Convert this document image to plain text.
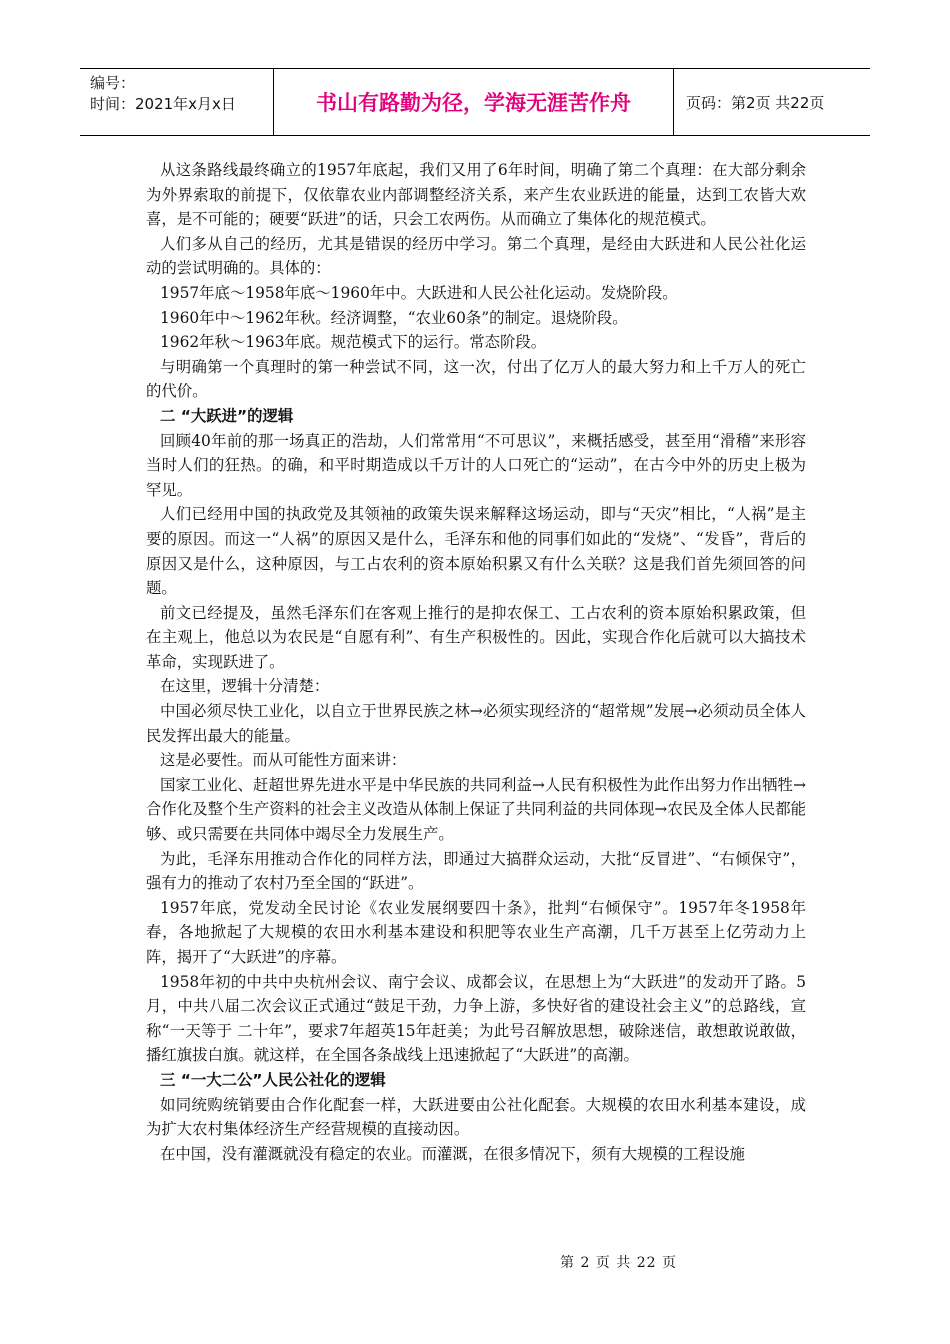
编号：
时间：2021年x月x日	书山有路勤为径，学海无涯苦作舟	页码：第2页 共22页

从这条路线最终确立的1957年底起，我们又用了6年时间，明确了第二个真理：在大部分剩余为外界索取的前提下，仅依靠农业内部调整经济关系，来产生农业跃进的能量，达到工农皆大欢喜，是不可能的；硬要“跃进”的话，只会工农两伤。从而确立了集体化的规范模式。

人们多从自己的经历，尤其是错误的经历中学习。第二个真理，是经由大跃进和人民公社化运动的尝试明确的。具体的：

1957年底～1958年底～1960年中。大跃进和人民公社化运动。发烧阶段。

1960年中～1962年秋。经济调整，“农业60条”的制定。退烧阶段。

1962年秋～1963年底。规范模式下的运行。常态阶段。

与明确第一个真理时的第一种尝试不同，这一次，付出了亿万人的最大努力和上千万人的死亡的代价。

二 “大跃进”的逻辑

回顾40年前的那一场真正的浩劫，人们常常用“不可思议”，来概括感受，甚至用“滑稽”来形容当时人们的狂热。的确，和平时期造成以千万计的人口死亡的“运动”，在古今中外的历史上极为罕见。

人们已经用中国的执政党及其领袖的政策失误来解释这场运动，即与“天灾”相比，“人祸”是主要的原因。而这一“人祸”的原因又是什么，毛泽东和他的同事们如此的“发烧”、“发昏”，背后的原因又是什么，这种原因，与工占农利的资本原始积累又有什么关联？这是我们首先须回答的问题。

前文已经提及，虽然毛泽东们在客观上推行的是抑农保工、工占农利的资本原始积累政策，但在主观上，他总以为农民是“自愿有利”、有生产积极性的。因此，实现合作化后就可以大搞技术革命，实现跃进了。

在这里，逻辑十分清楚：

中国必须尽快工业化，以自立于世界民族之林→必须实现经济的“超常规”发展→必须动员全体人民发挥出最大的能量。

这是必要性。而从可能性方面来讲：

国家工业化、赶超世界先进水平是中华民族的共同利益→人民有积极性为此作出努力作出牺牲→合作化及整个生产资料的社会主义改造从体制上保证了共同利益的共同体现→农民及全体人民都能够、或只需要在共同体中竭尽全力发展生产。

为此，毛泽东用推动合作化的同样方法，即通过大搞群众运动，大批“反冒进”、“右倾保守”，强有力的推动了农村乃至全国的“跃进”。

1957年底，党发动全民讨论《农业发展纲要四十条》，批判“右倾保守”。1957年冬1958年春，各地掀起了大规模的农田水利基本建设和积肥等农业生产高潮，几千万甚至上亿劳动力上阵，揭开了“大跃进”的序幕。

1958年初的中共中央杭州会议、南宁会议、成都会议，在思想上为“大跃进”的发动开了路。5月，中共八届二次会议正式通过“鼓足干劲，力争上游，多快好省的建设社会主义”的总路线，宣称“一天等于 二十年”，要求7年超英15年赶美；为此号召解放思想，破除迷信，敢想敢说敢做，播红旗拔白旗。就这样，在全国各条战线上迅速掀起了“大跃进”的高潮。

三 “一大二公”人民公社化的逻辑

如同统购统销要由合作化配套一样，大跃进要由公社化配套。大规模的农田水利基本建设，成为扩大农村集体经济生产经营规模的直接动因。

在中国，没有灌溉就没有稳定的农业。而灌溉，在很多情况下，须有大规模的工程设施

第 2 页 共 22 页
